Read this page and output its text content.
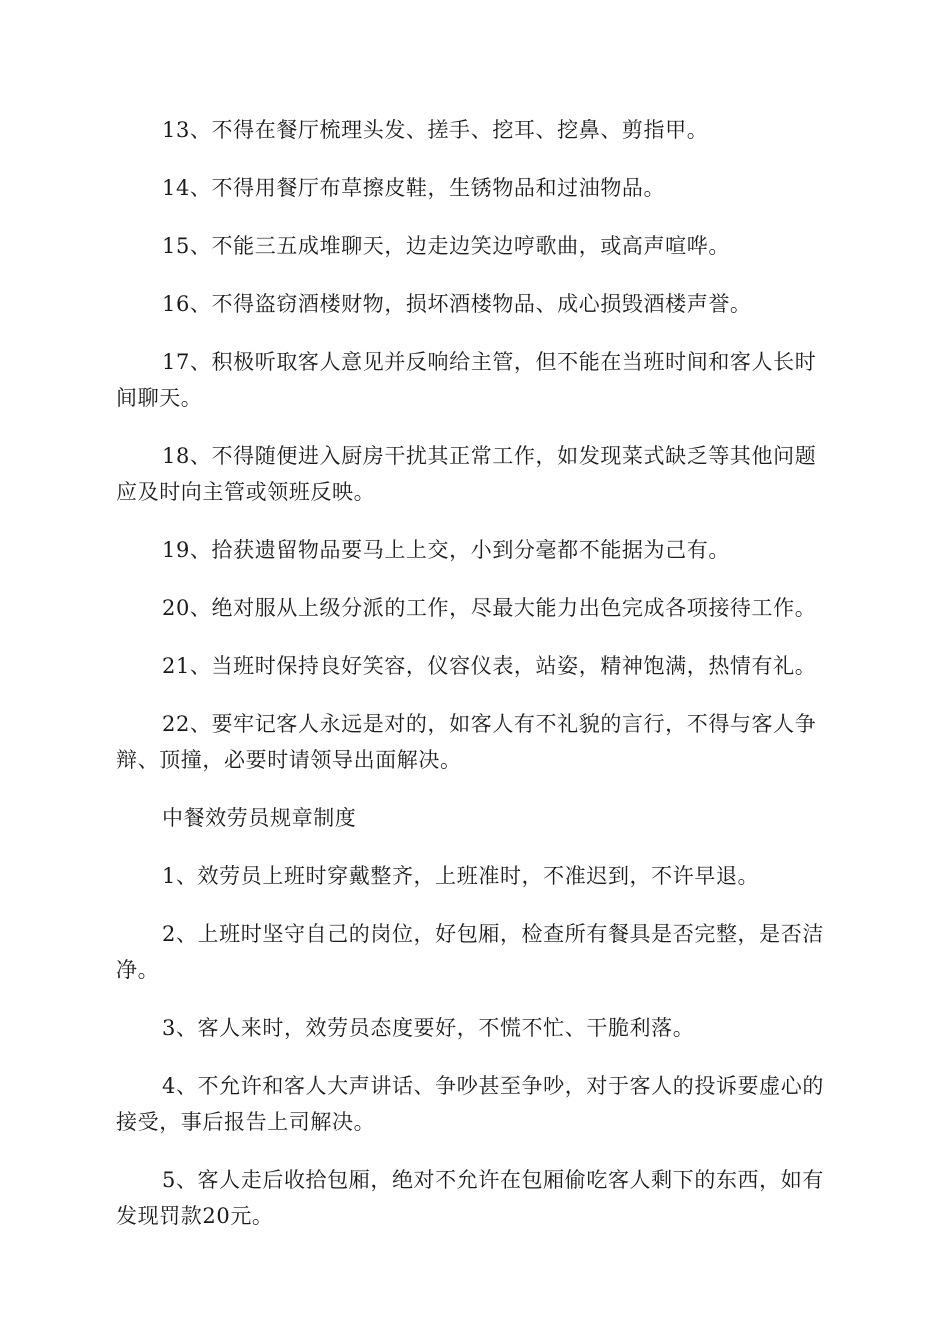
13、不得在餐厅梳理头发、搓手、挖耳、挖鼻、剪指甲。

14、不得用餐厅布草擦皮鞋，生锈物品和过油物品。

15、不能三五成堆聊天，边走边笑边哼歌曲，或高声喧哗。

16、不得盗窃酒楼财物，损坏酒楼物品、成心损毁酒楼声誉。

17、积极听取客人意见并反响给主管，但不能在当班时间和客人长时间聊天。

18、不得随便进入厨房干扰其正常工作，如发现菜式缺乏等其他问题应及时向主管或领班反映。

19、拾获遗留物品要马上上交，小到分毫都不能据为己有。

20、绝对服从上级分派的工作，尽最大能力出色完成各项接待工作。

21、当班时保持良好笑容，仪容仪表，站姿，精神饱满，热情有礼。

22、要牢记客人永远是对的，如客人有不礼貌的言行，不得与客人争辩、顶撞，必要时请领导出面解决。

中餐效劳员规章制度

1、效劳员上班时穿戴整齐，上班准时，不准迟到，不许早退。

2、上班时坚守自己的岗位，好包厢，检查所有餐具是否完整，是否洁净。

3、客人来时，效劳员态度要好，不慌不忙、干脆利落。

4、不允许和客人大声讲话、争吵甚至争吵，对于客人的投诉要虚心的接受，事后报告上司解决。

5、客人走后收拾包厢，绝对不允许在包厢偷吃客人剩下的东西，如有发现罚款20元。
